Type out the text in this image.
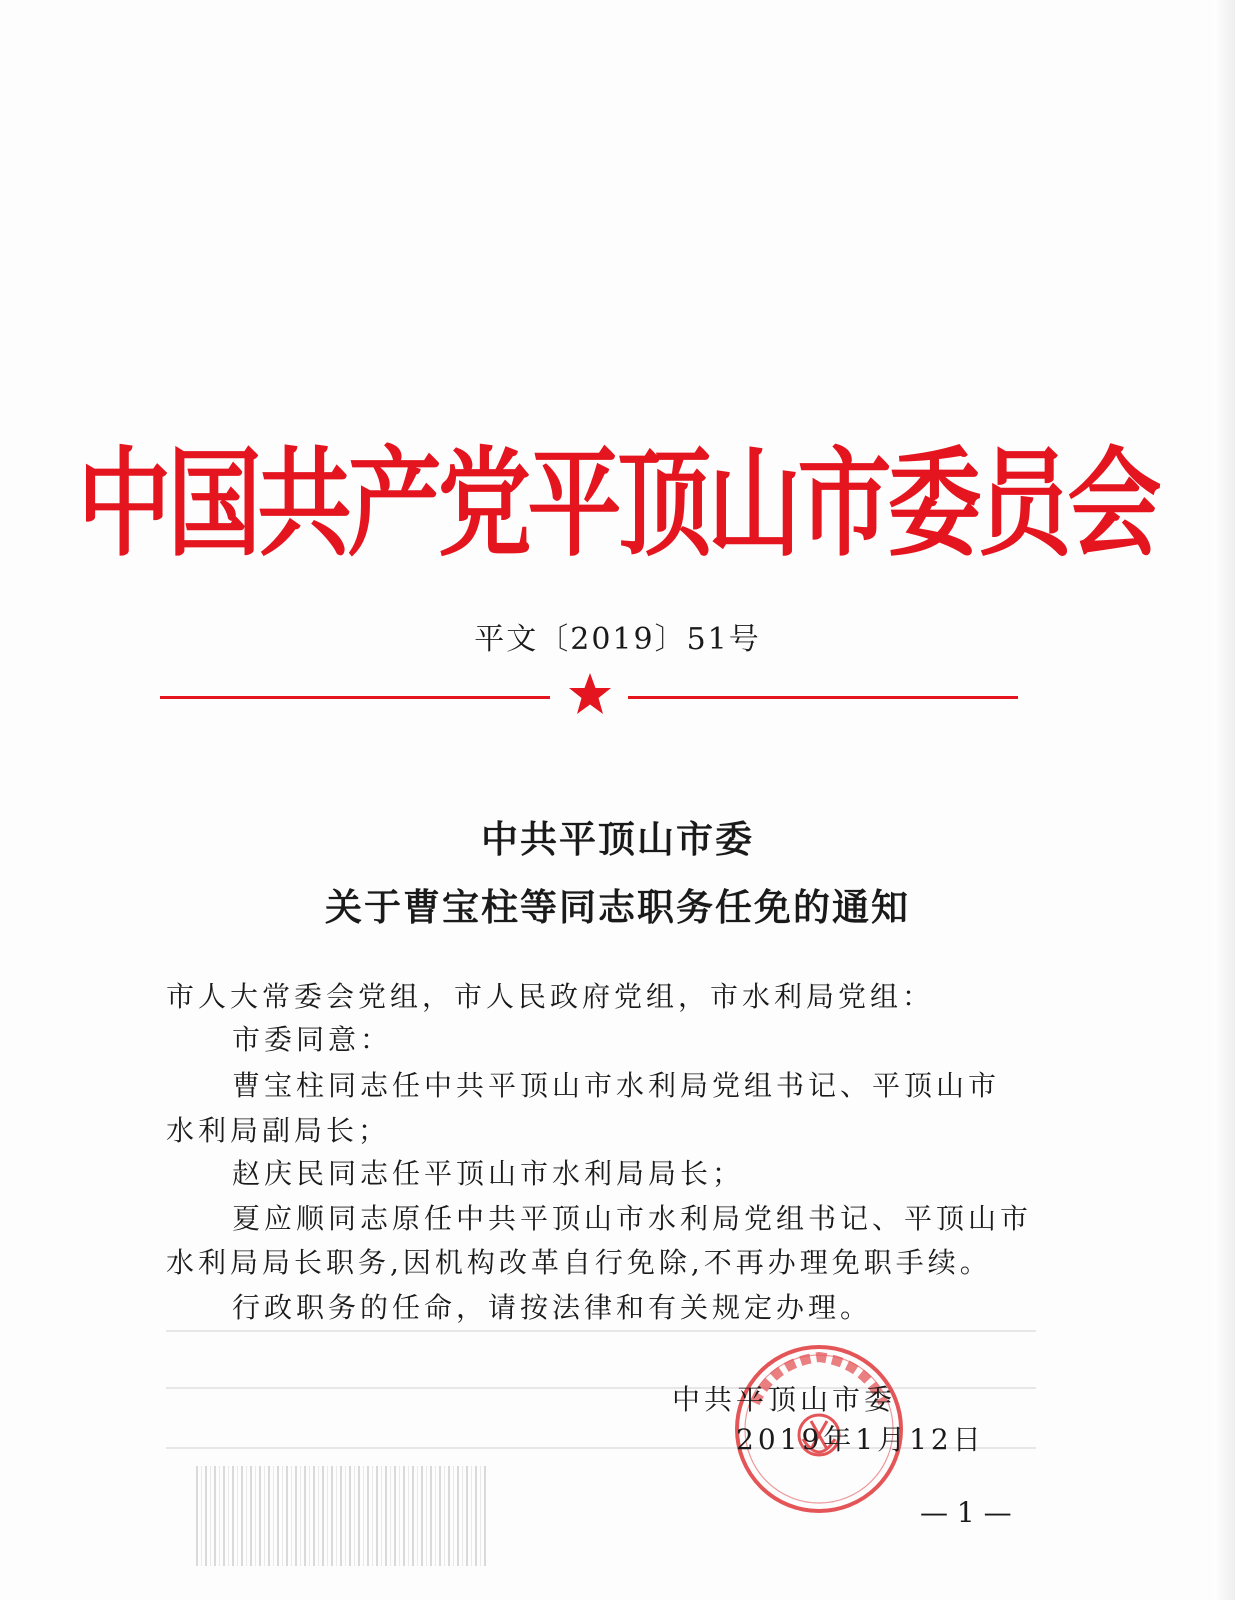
中国共产党平顶山市委员会
平文〔2019〕51号
中共平顶山市委
关于曹宝柱等同志职务任免的通知
市人大常委会党组，市人民政府党组，市水利局党组：
市委同意：
曹宝柱同志任中共平顶山市水利局党组书记、平顶山市
水利局副局长；
赵庆民同志任平顶山市水利局局长；
夏应顺同志原任中共平顶山市水利局党组书记、平顶山市
水利局局长职务,因机构改革自行免除,不再办理免职手续。
行政职务的任命，请按法律和有关规定办理。
中共平顶山市委
2019年1月12日
— 1 —
